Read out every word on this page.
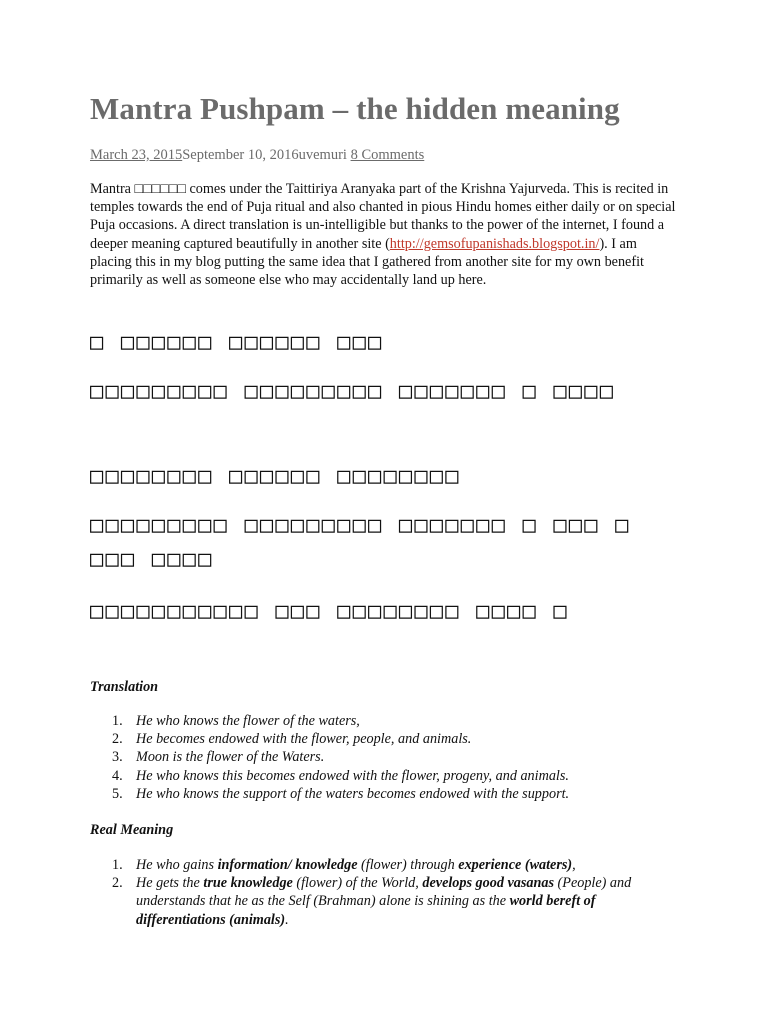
Mantra Pushpam – the hidden meaning
March 23, 2015September 10, 2016uvemuri 8 Comments

Mantra □□□□□□ comes under the Taittiriya Aranyaka part of the Krishna Yajurveda. This is recited in temples towards the end of Puja ritual and also chanted in pious Hindu homes either daily or on special Puja occasions. A direct translation is un-intelligible but thanks to the power of the internet, I found a deeper meaning captured beautifully in another site (http://gemsofupanishads.blogspot.in/). I am placing this in my blog putting the same idea that I gathered from another site for my own benefit primarily as well as someone else who may accidentally land up here.

□ □□□□□□ □□□□□□ □□□

□□□□□□□□□ □□□□□□□□□ □□□□□□□ □ □□□□

□□□□□□□□ □□□□□□ □□□□□□□□

□□□□□□□□□ □□□□□□□□□ □□□□□□□ □ □□□ □ □□□ □□□□

□□□□□□□□□□□ □□□ □□□□□□□□ □□□□ □

Translation

1. He who knows the flower of the waters,
2. He becomes endowed with the flower, people, and animals.
3. Moon is the flower of the Waters.
4. He who knows this becomes endowed with the flower, progeny, and animals.
5. He who knows the support of the waters becomes endowed with the support.

Real Meaning

1. He who gains information/ knowledge (flower) through experience (waters),
2. He gets the true knowledge (flower) of the World, develops good vasanas (People) and understands that he as the Self (Brahman) alone is shining as the world bereft of differentiations (animals).
